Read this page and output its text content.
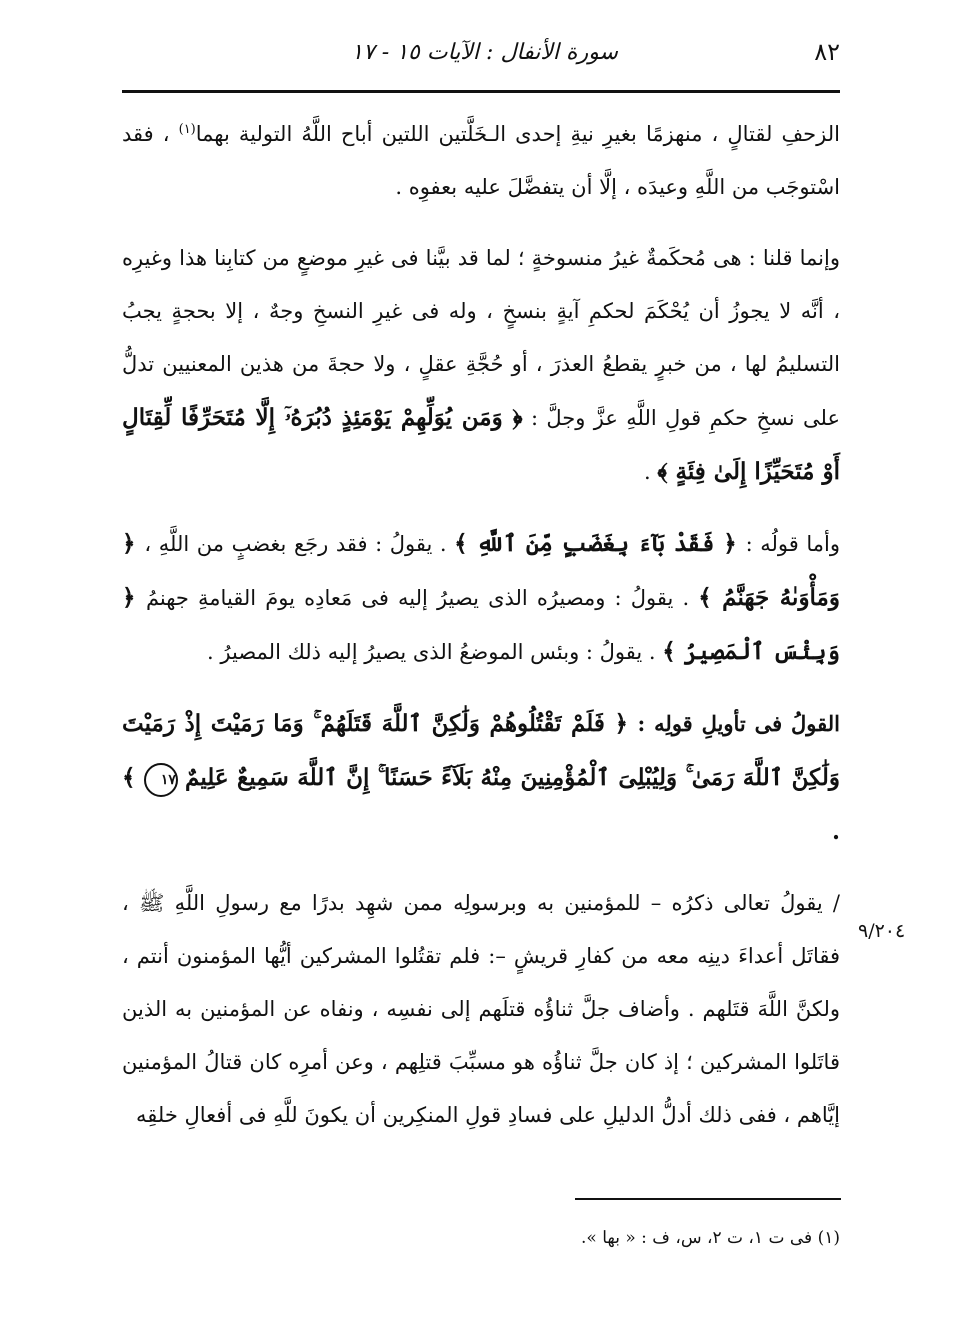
٨٢
سورة الأنفال : الآيات ١٥ - ١٧

الزحفِ لقتالٍ ، منهزمًا بغيرِ نيةِ إحدى الـخَلَّتين اللتين أباح اللَّهُ التولية بهما$^{(١)}$ ، فقد اسْتوجَب من اللَّهِ وعيدَه ، إلَّا أن يتفضَّلَ عليه بعفوِه .

وإنما قلنا : هى مُحكَمةٌ غيرُ منسوخةٍ ؛ لما قد بيَّنا فى غيرِ موضعٍ من كتابِنا هذا وغيرِه ، أنَّه لا يجوزُ أن يُحْكَمَ لحكمِ آيةٍ بنسخٍ ، وله فى غيرِ النسخِ وجهٌ ، إلا بحجةٍ يجبُ التسليمُ لها ، من خبرٍ يقطعُ العذرَ ، أو حُجَّةِ عقلٍ ، ولا حجةَ من هذين المعنيين تدلُّ على نسخِ حكمِ قولِ اللَّهِ عزَّ وجلَّ : ﴿ وَمَن يُوَلِّهِمْ يَوْمَئِذٍ دُبُرَهُۥٓ إِلَّا مُتَحَرِّفًا لِّقِتَالٍ أَوْ مُتَحَيِّزًا إِلَىٰ فِئَةٍ ﴾ .

وأما قولُه : ﴿ فَقَدْ بَآءَ بِغَضَبٍ مِّنَ ٱللَّهِ ﴾ . يقولُ : فقد رجَع بغضبٍ من اللَّهِ ، ﴿ وَمَأْوَىٰهُ جَهَنَّمُ ﴾ . يقولُ : ومصيرُه الذى يصيرُ إليه فى مَعادِه يومَ القيامةِ جهنمُ ﴿ وَبِئْسَ ٱلْمَصِيرُ ﴾ . يقولُ : وبئس الموضعُ الذى يصيرُ إليه ذلك المصيرُ .

القولُ فى تأويلِ قولِه : ﴿ فَلَمْ تَقْتُلُوهُمْ وَلَٰكِنَّ ٱللَّهَ قَتَلَهُمْ ۚ وَمَا رَمَيْتَ إِذْ رَمَيْتَ وَلَٰكِنَّ ٱللَّهَ رَمَىٰ ۚ وَلِيُبْلِىَ ٱلْمُؤْمِنِينَ مِنْهُ بَلَآءً حَسَنًا ۚ إِنَّ ٱللَّهَ سَمِيعٌ عَلِيمٌ ١٧ ﴾ .

/ يقولُ تعالى ذكرُه – للمؤمنين به وبرسولِه ممن شهِد بدرًا مع رسولِ اللَّهِ ﷺ ، فقاتَل أعداءَ دينِه معه من كفارِ قريشٍ –: فلم تقتُلوا المشركين أيُّها المؤمنون أنتم ، ولكنَّ اللَّهَ قتَلهم . وأضاف جلَّ ثناؤُه قتلَهم إلى نفسِه ، ونفاه عن المؤمنين به الذين قاتَلوا المشركين ؛ إذ كان جلَّ ثناؤُه هو مسبِّبَ قتلِهم ، وعن أمرِه كان قتالُ المؤمنين إيَّاهم ، ففى ذلك أدلُّ الدليلِ على فسادِ قولِ المنكِرين أن يكونَ للَّهِ فى أفعالِ خلقِه

٩/٢٠٤
(١) فى ت ١، ت ٢، س، ف : « بها ».
